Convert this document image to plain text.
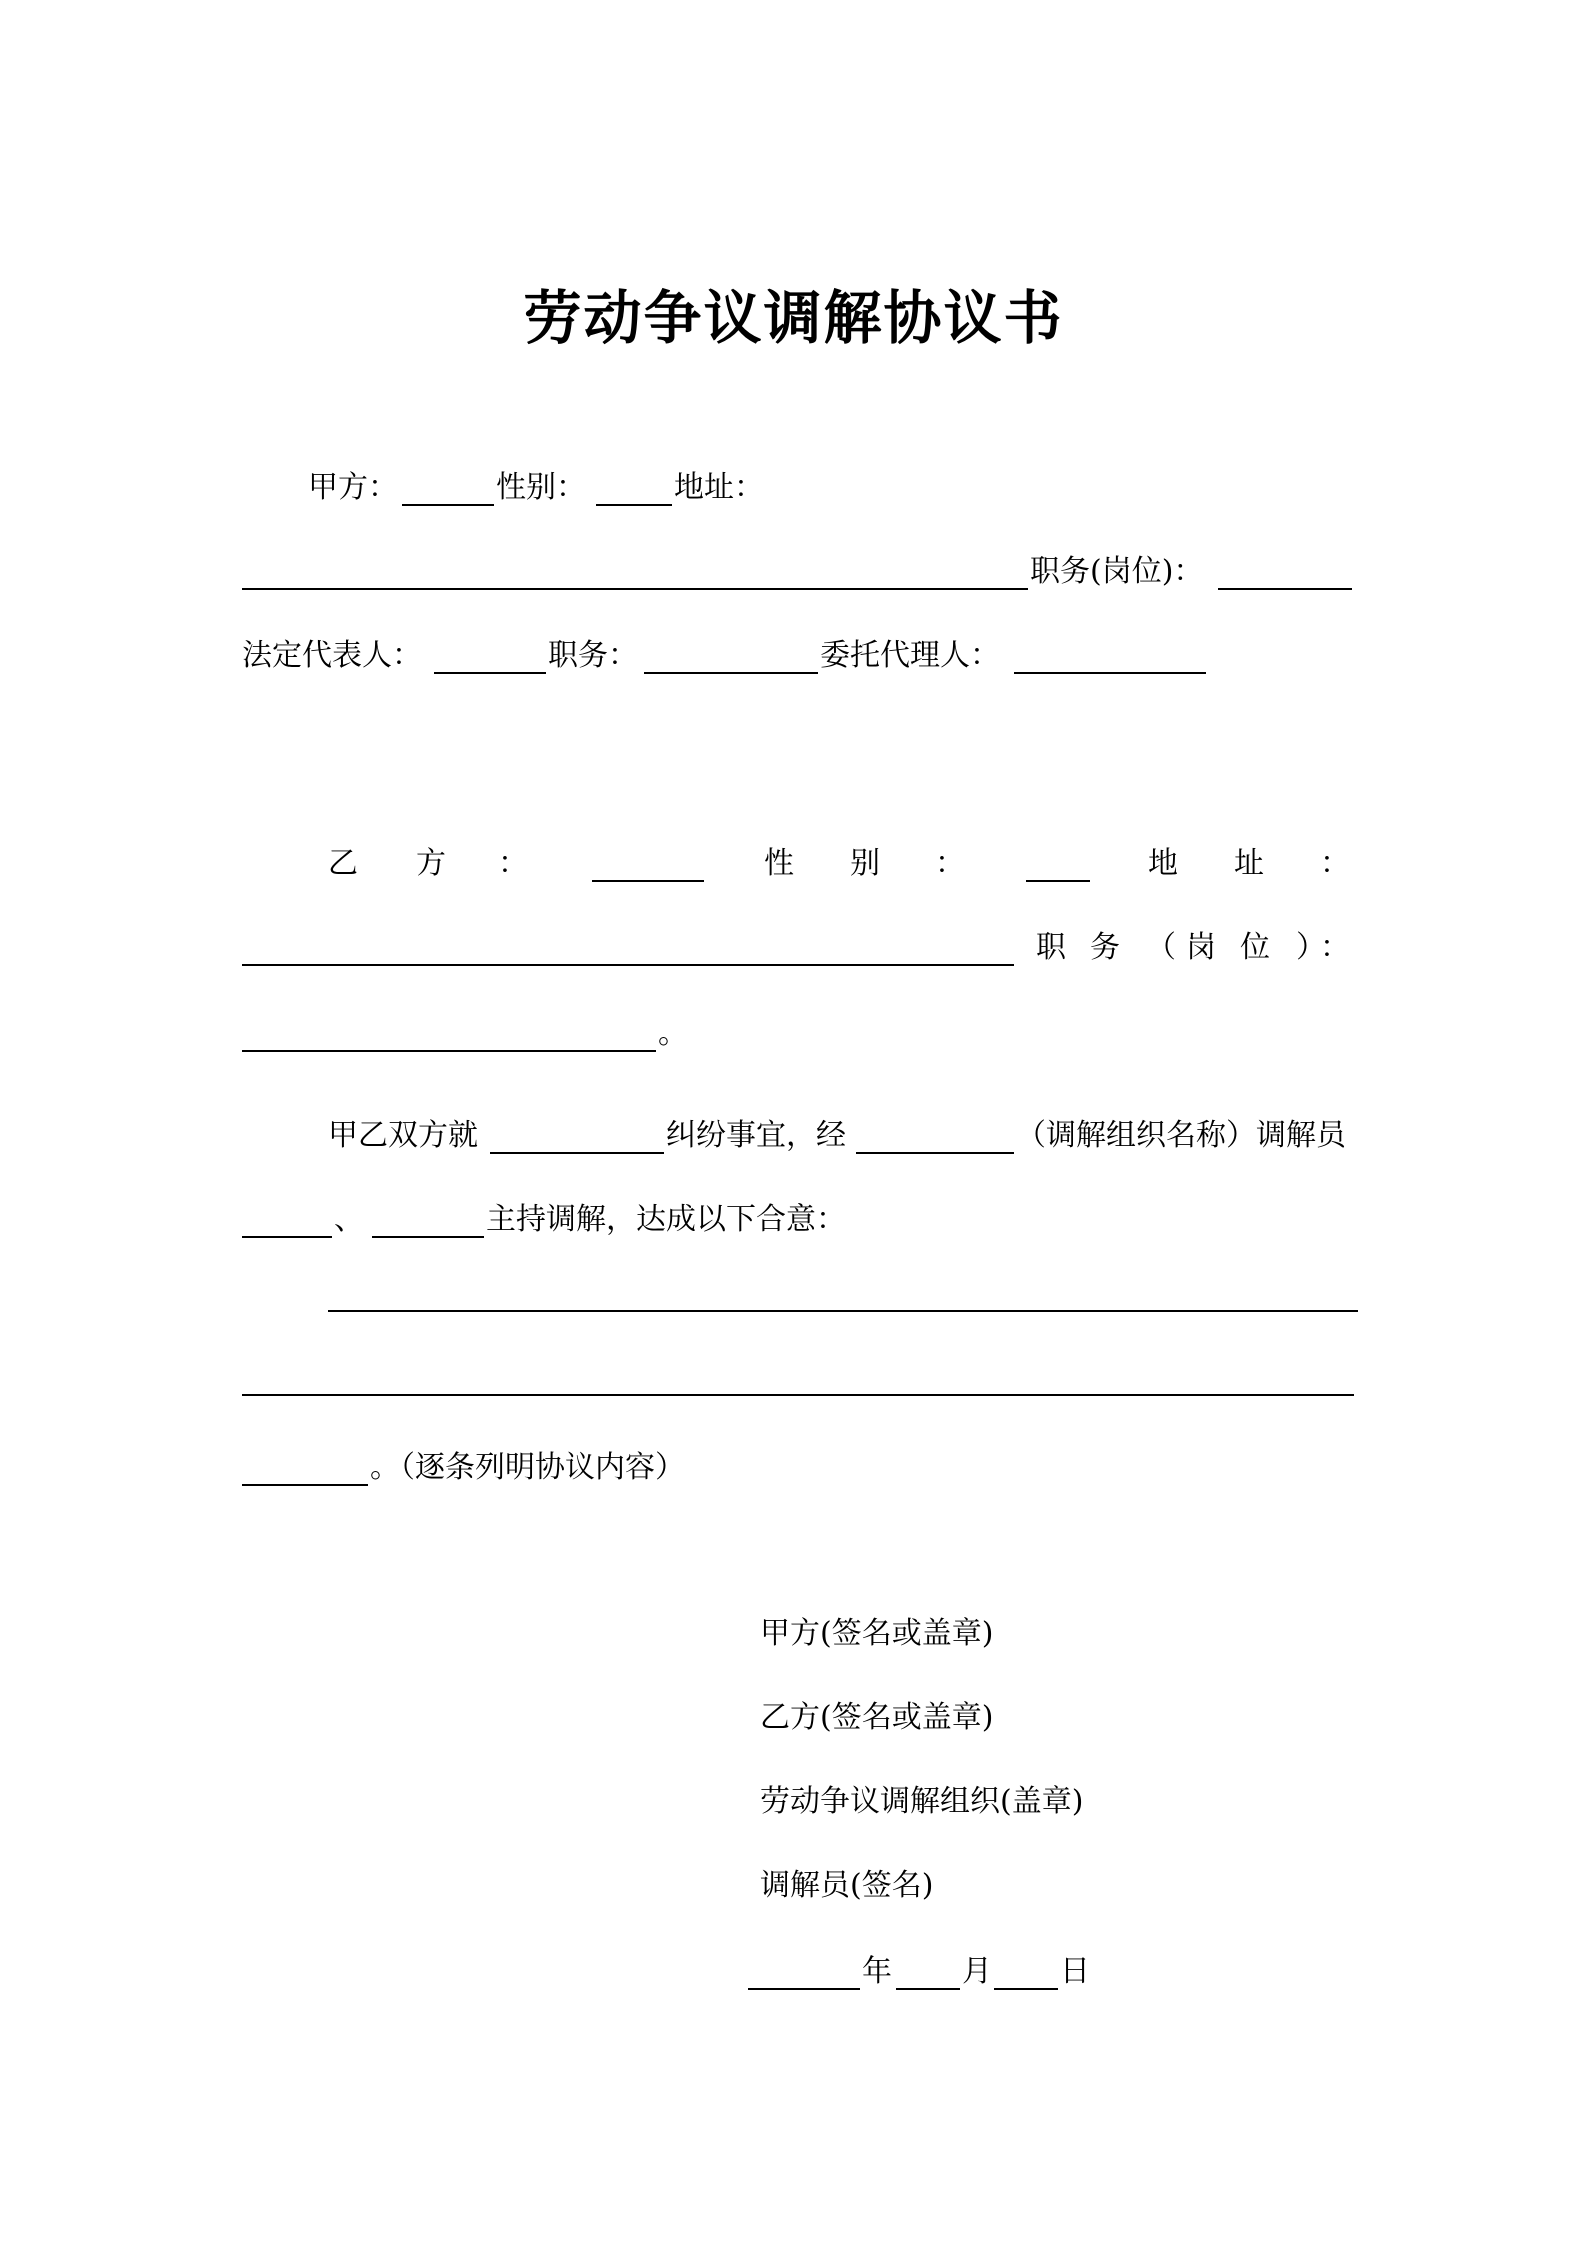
劳动争议调解协议书
甲方：	性别：	地址：
职务(岗位)：
法定代表人：	职务：	委托代理人：
乙 方 ：	性 别 ：	地 址 ：
职 务 （ 岗 位 ）
：
。
甲乙双方就	纠纷事宜，经	（调解组织名称）调解员
、	主持调解，达成以下合意：
。（逐条列明协议内容）
甲方(签名或盖章)
乙方(签名或盖章)
劳动争议调解组织(盖章)
调解员(签名)
年 月 日
